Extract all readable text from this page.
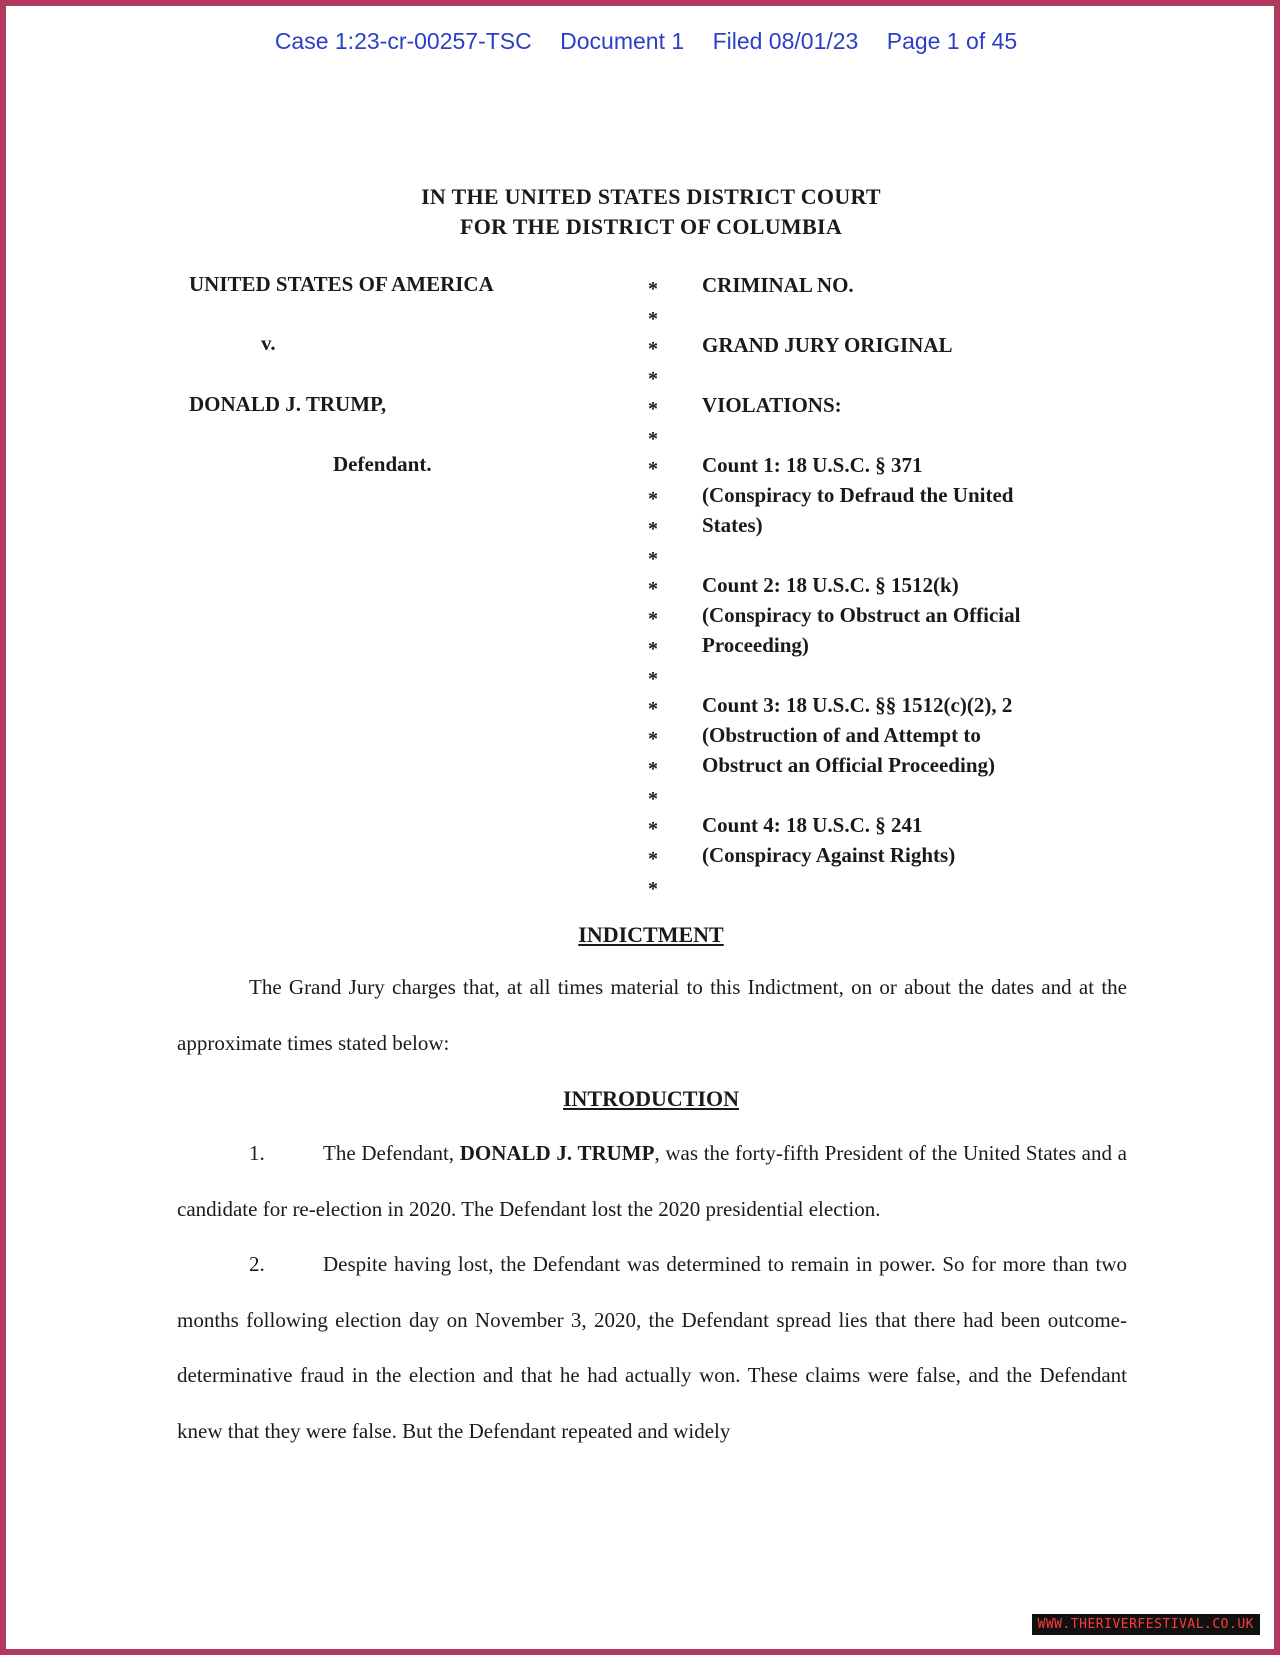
Case 1:23-cr-00257-TSC Document 1 Filed 08/01/23 Page 1 of 45
IN THE UNITED STATES DISTRICT COURT
FOR THE DISTRICT OF COLUMBIA
UNITED STATES OF AMERICA
v.
DONALD J. TRUMP,
Defendant.
*
*
*
*
*
*
*
*
*
*
*
*
*
*
*
*
*
*
*
*
*
CRIMINAL NO.
GRAND JURY ORIGINAL
VIOLATIONS:
Count 1: 18 U.S.C. § 371
(Conspiracy to Defraud the United
States)
Count 2: 18 U.S.C. § 1512(k)
(Conspiracy to Obstruct an Official
Proceeding)
Count 3: 18 U.S.C. §§ 1512(c)(2), 2
(Obstruction of and Attempt to
Obstruct an Official Proceeding)
Count 4: 18 U.S.C. § 241
(Conspiracy Against Rights)
INDICTMENT

The Grand Jury charges that, at all times material to this Indictment, on or about the dates and at the approximate times stated below:

INTRODUCTION

1.	The Defendant, DONALD J. TRUMP, was the forty-fifth President of the United States and a candidate for re-election in 2020. The Defendant lost the 2020 presidential election.

2.	Despite having lost, the Defendant was determined to remain in power. So for more than two months following election day on November 3, 2020, the Defendant spread lies that there had been outcome-determinative fraud in the election and that he had actually won. These claims were false, and the Defendant knew that they were false. But the Defendant repeated and widely

WWW.THERIVERFESTIVAL.CO.UK
